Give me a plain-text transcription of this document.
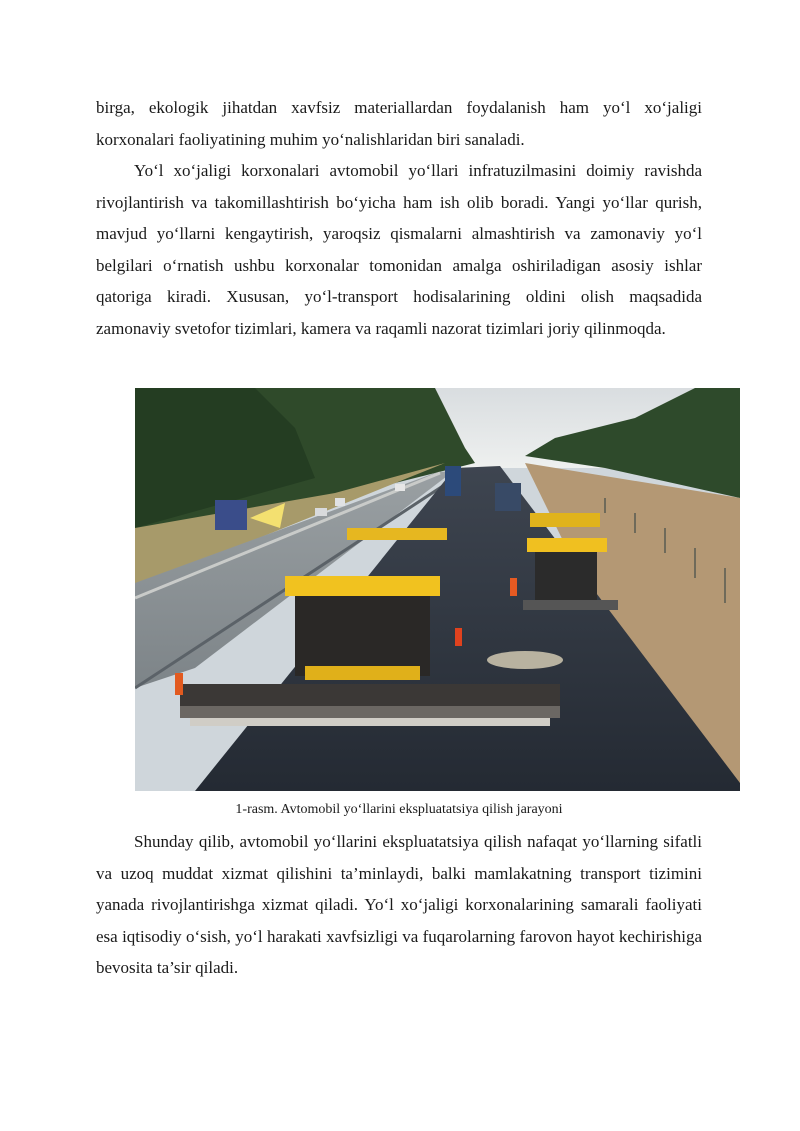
birga, ekologik jihatdan xavfsiz materiallardan foydalanish ham yo‘l xo‘jaligi korxonalari faoliyatining muhim yo‘nalishlaridan biri sanaladi.

Yo‘l xo‘jaligi korxonalari avtomobil yo‘llari infratuzilmasini doimiy ravishda rivojlantirish va takomillashtirish bo‘yicha ham ish olib boradi. Yangi yo‘llar qurish, mavjud yo‘llarni kengaytirish, yaroqsiz qismalarni almashtirish va zamonaviy yo‘l belgilari o‘rnatish ushbu korxonalar tomonidan amalga oshiriladigan asosiy ishlar qatoriga kiradi. Xususan, yo‘l-transport hodisalarining oldini olish maqsadida zamonaviy svetofor tizimlari, kamera va raqamli nazorat tizimlari joriy qilinmoqda.

1-rasm. Avtomobil yo‘llarini ekspluatatsiya qilish jarayoni

Shunday qilib, avtomobil yo‘llarini ekspluatatsiya qilish nafaqat yo‘llarning sifatli va uzoq muddat xizmat qilishini ta’minlaydi, balki mamlakatning transport tizimini yanada rivojlantirishga xizmat qiladi. Yo‘l xo‘jaligi korxonalarining samarali faoliyati esa iqtisodiy o‘sish, yo‘l harakati xavfsizligi va fuqarolarning farovon hayot kechirishiga bevosita ta’sir qiladi.
